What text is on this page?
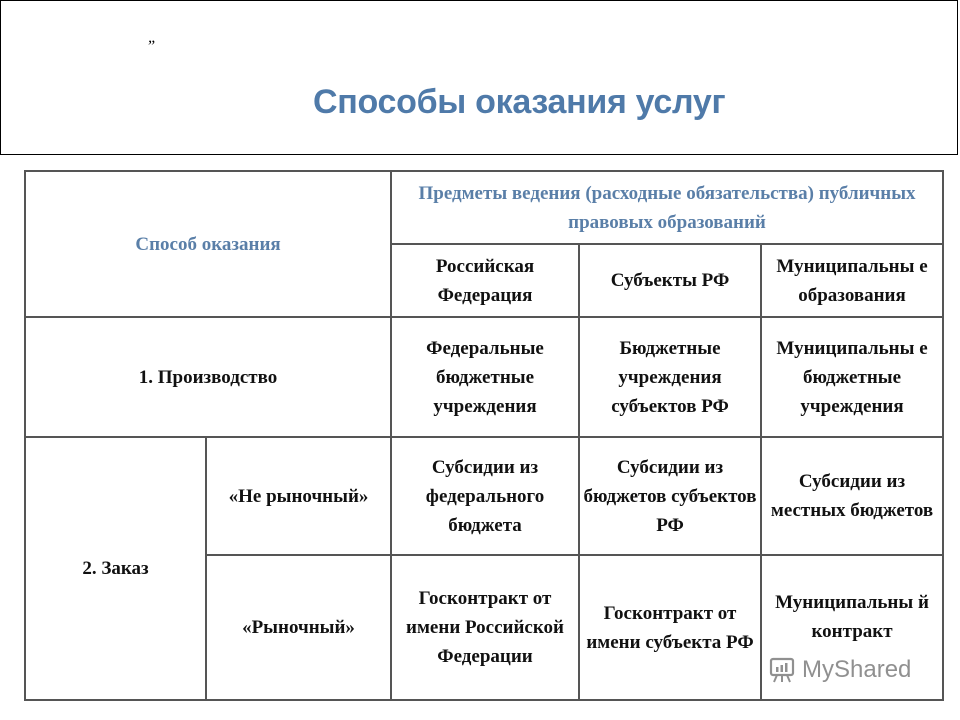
„
Способы оказания услуг
Способ оказания		Предметы ведения (расходные обязательства) публичных правовых образований		
		Российская Федерация	Субъекты РФ	Муниципальны е образования
1. Производство		Федеральные бюджетные учреждения	Бюджетные учреждения субъектов РФ	Муниципальны е бюджетные учреждения
2. Заказ	«Не рыночный»	Субсидии из федерального бюджета	Субсидии из бюджетов субъектов РФ	Субсидии из местных бюджетов
	«Рыночный»	Госконтракт от имени Российской Федерации	Госконтракт от имени субъекта РФ	Муниципальны й контракт
MyShared
